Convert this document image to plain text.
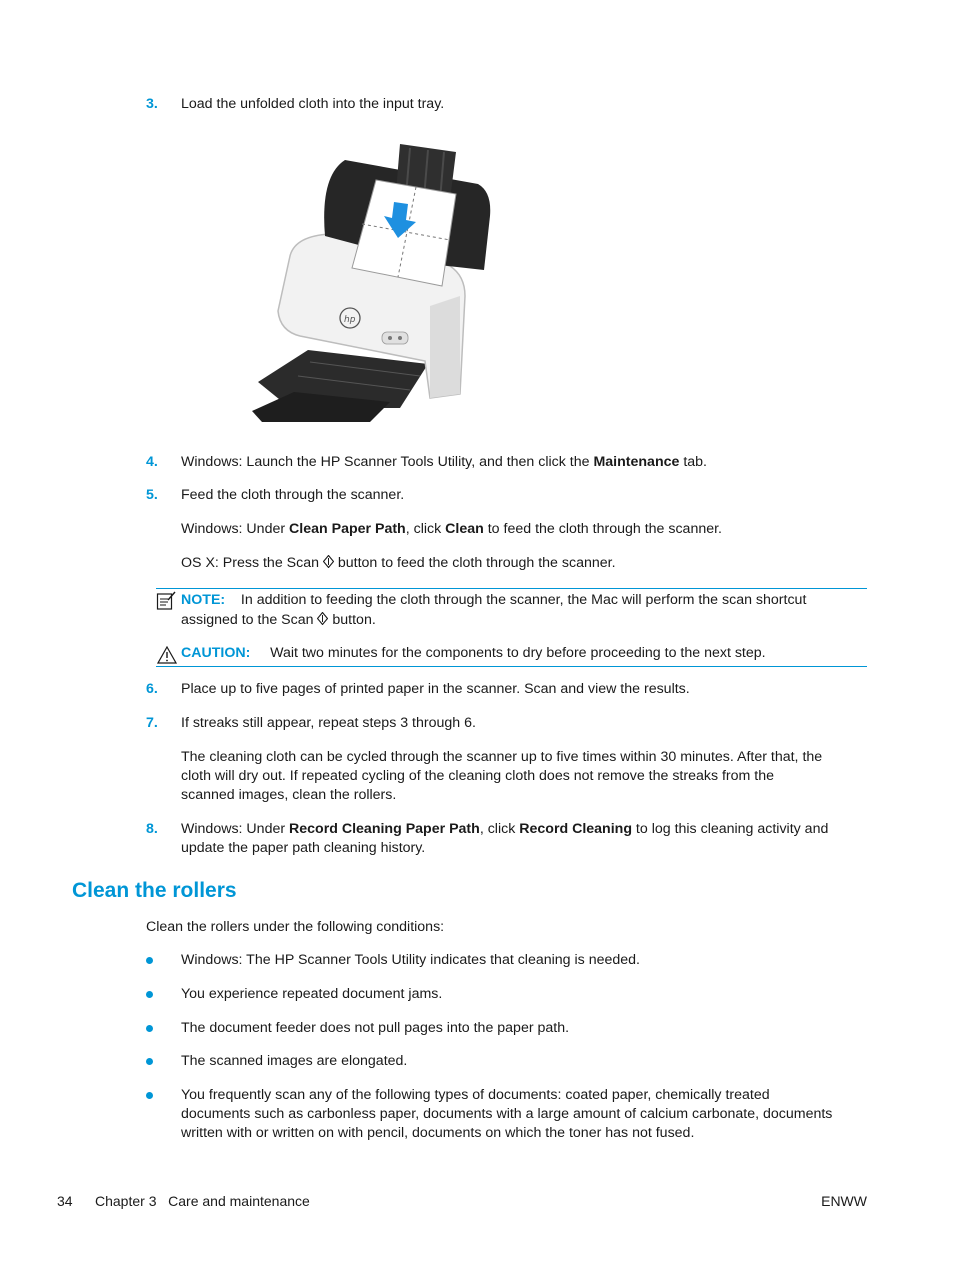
3. Load the unfolded cloth into the input tray.
hp
4. Windows: Launch the HP Scanner Tools Utility, and then click the Maintenance tab.
5. Feed the cloth through the scanner.
Windows: Under Clean Paper Path, click Clean to feed the cloth through the scanner.
OS X: Press the Scan  button to feed the cloth through the scanner.
NOTE: In addition to feeding the cloth through the scanner, the Mac will perform the scan shortcut
assigned to the Scan  button.
CAUTION: Wait two minutes for the components to dry before proceeding to the next step.
6. Place up to five pages of printed paper in the scanner. Scan and view the results.
7. If streaks still appear, repeat steps 3 through 6.
The cleaning cloth can be cycled through the scanner up to five times within 30 minutes. After that, the
cloth will dry out. If repeated cycling of the cleaning cloth does not remove the streaks from the
scanned images, clean the rollers.
8. Windows: Under Record Cleaning Paper Path, click Record Cleaning to log this cleaning activity and
update the paper path cleaning history.
Clean the rollers
Clean the rollers under the following conditions:
Windows: The HP Scanner Tools Utility indicates that cleaning is needed.
You experience repeated document jams.
The document feeder does not pull pages into the paper path.
The scanned images are elongated.
You frequently scan any of the following types of documents: coated paper, chemically treated
documents such as carbonless paper, documents with a large amount of calcium carbonate, documents
written with or written on with pencil, documents on which the toner has not fused.
34 Chapter 3   Care and maintenance	ENWW
